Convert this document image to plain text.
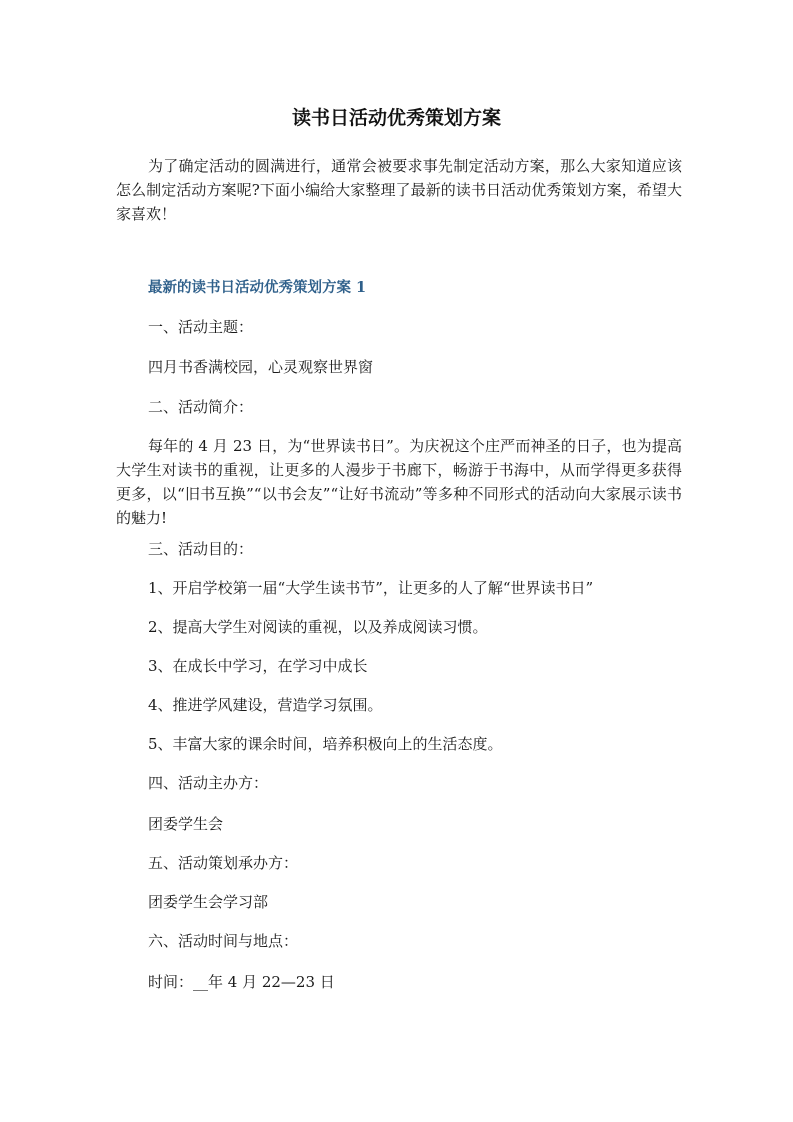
读书日活动优秀策划方案

为了确定活动的圆满进行，通常会被要求事先制定活动方案，那么大家知道应该怎么制定活动方案呢?下面小编给大家整理了最新的读书日活动优秀策划方案，希望大家喜欢！

最新的读书日活动优秀策划方案 1
一、活动主题：
四月书香满校园，心灵观察世界窗
二、活动简介：

每年的 4 月 23 日，为“世界读书日”。为庆祝这个庄严而神圣的日子，也为提高大学生对读书的重视，让更多的人漫步于书廊下，畅游于书海中，从而学得更多获得更多，以“旧书互换”“以书会友”“让好书流动”等多种不同形式的活动向大家展示读书的魅力!

三、活动目的：
1、开启学校第一届“大学生读书节”，让更多的人了解“世界读书日”
2、提高大学生对阅读的重视，以及养成阅读习惯。
3、在成长中学习，在学习中成长
4、推进学风建设，营造学习氛围。
5、丰富大家的课余时间，培养积极向上的生活态度。
四、活动主办方：
团委学生会
五、活动策划承办方：
团委学生会学习部
六、活动时间与地点：
时间：__年 4 月 22—23 日
